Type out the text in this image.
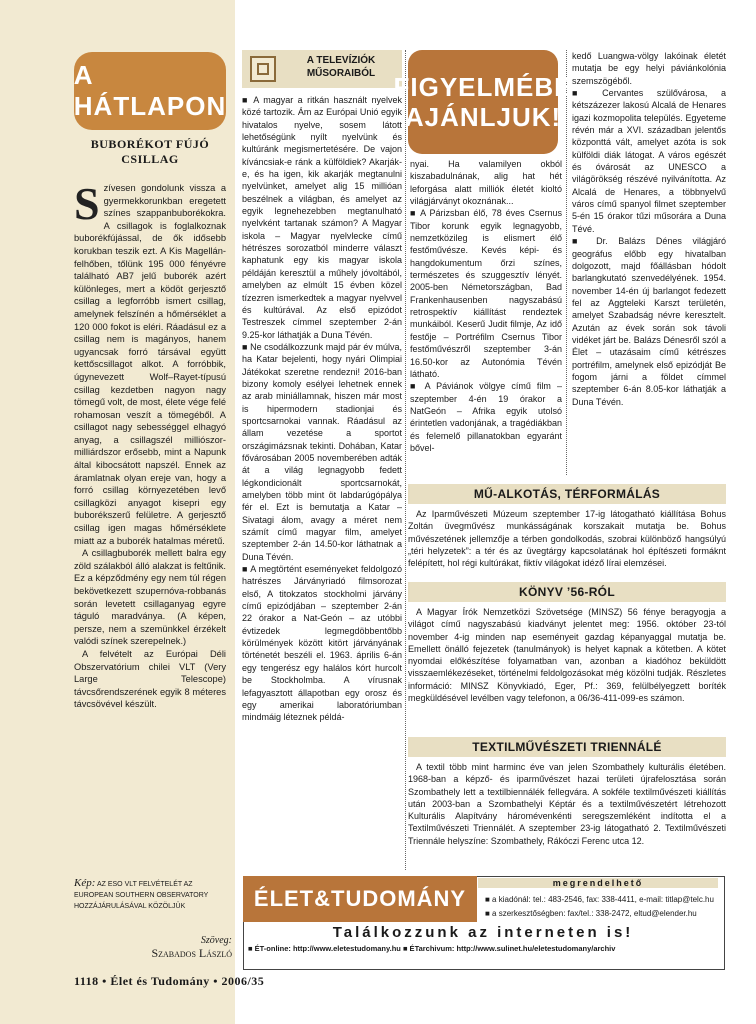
A HÁTLAPON
BUBORÉKOT FÚJÓ CSILLAG

Szívesen gondolunk vissza a gyermekkorunkban eregetett színes szappanbuborékokra. A csillagok is foglalkoznak buborékfújással, de ők idősebb korukban teszik ezt. A Kis Magellán-felhőben, tőlünk 195 000 fényévre található AB7 jelű buborék azért különleges, mert a ködöt gerjesztő csillag a legforróbb ismert csillag, amelynek felszínén a hőmérséklet a 120 000 fokot is eléri. Ráadásul ez a csillag nem is magányos, hanem ugyancsak forró társával együtt kettőscsillagot alkot. A forróbbik, úgynevezett Wolf–Rayet-típusú csillag kezdetben nagyon nagy tömegű volt, de most, élete vége felé rohamosan veszít a tömegéből. A csillagot nagy sebességgel elhagyó anyag, a csillagszél milliószor-milliárdszor erősebb, mint a Napunk által kibocsátott napszél. Ennek az áramlatnak olyan ereje van, hogy a forró csillag környezetében levő csillagközi anyagot kisepri egy buborékszerű felületre. A gerjesztő csillag igen magas hőmérséklete miatt az a buborék hatalmas méretű.

A csillagbuborék mellett balra egy zöld szálakból álló alakzat is feltűnik. Ez a képződmény egy nem túl régen bekövetkezett szupernóva-robbanás során levetett csillaganyag egyre táguló maradványa. (A képen, persze, nem a szemünkkel érzékelt valódi színek szerepelnek.)

A felvételt az Európai Déli Obszervatórium chilei VLT (Very Large Telescope) távcsőrendszerének egyik 8 méteres távcsövével készült.

Kép: AZ ESO VLT FELVÉTELÉT AZ EUROPEAN SOUTHERN OBSERVATORY HOZZÁJÁRULÁSÁVAL KÖZÖLJÜK
Szöveg:
Szabados László
1118 • Élet és Tudomány • 2006/35
A TELEVÍZIÓK MŰSORAIBÓL

■ A magyar a ritkán használt nyelvek közé tartozik. Ám az Európai Unió egyik hivatalos nyelve, sosem látott lehetőségünk nyílt nyelvünk és kultúránk megismertetésére. De vajon kíváncsiak-e ránk a külföldiek? Akarják-e, és ha igen, kik akarják megtanulni nyelvünket, amelyet alig 15 millióan beszélnek a világban, és amelyet az egyik legnehezebben megtanulható nyelvként tartanak számon? A Magyar iskola – Magyar nyelvlecke című hétrészes sorozatból minderre választ kaphatunk egy kis magyar iskola példáján keresztül a műhely jóvoltából, amelyben az elmúlt 15 évben közel tízezren ismerkedtek a magyar nyelvvel és kultúrával. Az első epizódot Testreszek címmel szeptember 2-án 9.25-kor láthatják a Duna Tévén.

■ Ne csodálkozzunk majd pár év múlva, ha Katar bejelenti, hogy nyári Olimpiai Játékokat szeretne rendezni! 2016-ban bizony komoly esélyei lehetnek ennek az arab miniállamnak, hiszen már most is hipermodern stadionjai és sportcsarnokai vannak. Ráadásul az állam vezetése a sportot országimázsnak tekinti. Dohában, Katar fővárosában 2005 novemberében adták át a világ legnagyobb fedett légkondicionált sportcsarnokát, amelyben több mint öt labdarúgópálya fér el. Ezt is bemutatja a Katar – Sivatagi álom, avagy a méret nem számít című magyar film, amelyet szeptember 2-án 14.50-kor láthatnak a Duna Tévén.

■ A megtörtént eseményeket feldolgozó hatrészes Járványriadó filmsorozat első, A titokzatos stockholmi járvány című epizódjában – szeptember 2-án 22 órakor a Nat-Geón – az utóbbi évtizedek legmegdöbbentőbb körülmények között kitört járványának történetét beszéli el. 1963. április 6-án egy tengerész egy halálos kórt hurcolt be Stockholmba. A vírusnak lefagyasztott állapotban egy orosz és egy amerikai laboratóriumban mindmáig léteznek példá-

FIGYELMÉBE
AJÁNLJUK!

nyai. Ha valamilyen okból kiszabadulnának, alig hat hét leforgása alatt milliók életét kioltó világjárványt okoznának...

■ A Párizsban élő, 78 éves Csernus Tibor korunk egyik legnagyobb, nemzetközileg is elismert élő festőművésze. Kevés képi- és hangdokumentum őrzi színes, természetes és szuggesztív lényét. 2005-ben Németországban, Bad Frankenhausenben nagyszabású retrospektív kiállítást rendeztek munkáiból. Keserű Judit filmje, Az idő festője – Portréfilm Csernus Tibor festőművészről szeptember 3-án 16.50-kor az Autonómia Tévén látható.

■ A Páviánok völgye című film – szeptember 4-én 19 órakor a NatGeón – Afrika egyik utolsó érintetlen vadonjának, a tragédiákban és felemelő pillanatokban egyaránt bővel-

kedő Luangwa-völgy lakóinak életét mutatja be egy helyi páviánkolónia szemszögéből.

■ Cervantes szülővárosa, a kétszázezer lakosú Alcalá de Henares igazi kozmopolita település. Egyeteme révén már a XVI. században jelentős központtá vált, amelyet azóta is sok külföldi diák látogat. A város egészét és óvárosát az UNESCO a világörökség részévé nyilvánította. Az Alcalá de Henares, a többnyelvű város című spanyol filmet szeptember 5-én 15 órakor tűzi műsorára a Duna Tévé.

■ Dr. Balázs Dénes világjáró geográfus előbb egy hivatalban dolgozott, majd főállásban hódolt barlangkutató szenvedélyének. 1954. november 14-én új barlangot fedezett fel az Aggteleki Karszt területén, amelyet Szabadság névre keresztelt. Azután az évek során sok távoli vidéket járt be. Balázs Dénesről szól a Élet – utazásaim című kétrészes portréfilm, amelynek első epizódját Be fogom járni a földet címmel szeptember 6-án 8.05-kor láthatják a Duna Tévén.

MŰ-ALKOTÁS, TÉRFORMÁLÁS

Az Iparművészeti Múzeum szeptember 17-ig látogatható kiállítása Bohus Zoltán üvegművész munkásságának korszakait mutatja be. Bohus művészetének jellemzője a térben gondolkodás, szobrai különböző hangsúlyú „téri helyzetek”: a tér és az üvegtárgy kapcsolatának hol építészeti formáknt felépített, hol régi kultúrákat, fiktív világokat idéző lírai elemzései.

KÖNYV ’56-RÓL

A Magyar Írók Nemzetközi Szövetsége (MINSZ) 56 fénye beragyogja a világot című nagyszabású kiadványt jelentet meg: 1956. október 23-tól november 4-ig minden nap eseményeit gazdag képanyaggal mutatja be. Emellett önálló fejezetek (tanulmányok) is helyet kapnak a kötetben. A kötet nyomdai előkészítése folyamatban van, azonban a kiadóhoz beküldött visszaemlékezéseket, történelmi feldolgozásokat még közölni tudják. Részletes információ: MINSZ Könyvkiadó, Eger, Pf.: 369, felülbélyegzett boríték megküldésével levélben vagy telefonon, a 06/36-411-099-es számon.

TEXTILMŰVÉSZETI TRIENNÁLÉ

A textil több mint harminc éve van jelen Szombathely kulturális életében. 1968-ban a képző- és iparművészet hazai területi újrafelosztása során Szombathely lett a textilbiennálék fellegvára. A sokféle textilművészeti kiállítás után 2003-ban a Szombathelyi Képtár és a textilművészetért létrehozott Kulturális Alapítvány háromévenkénti seregszemléként indította el a Textilművészeti Triennálét. A szeptember 23-ig látogatható 2. Textilművészeti Triennále helyszíne: Szombathely, Rákóczi Ferenc utca 12.

ÉLET&TUDOMÁNY
megrendelhető
■ a kiadónál: tel.: 483-2546, fax: 338-4411, e-mail: titlap@telc.hu
■ a szerkesztőségben: fax/tel.: 338-2472, eltud@elender.hu
Találkozzunk az interneten is!
■ ÉT-online: http://www.eletestudomany.hu ■ ÉTarchivum: http://www.sulinet.hu/eletestudomany/archiv
